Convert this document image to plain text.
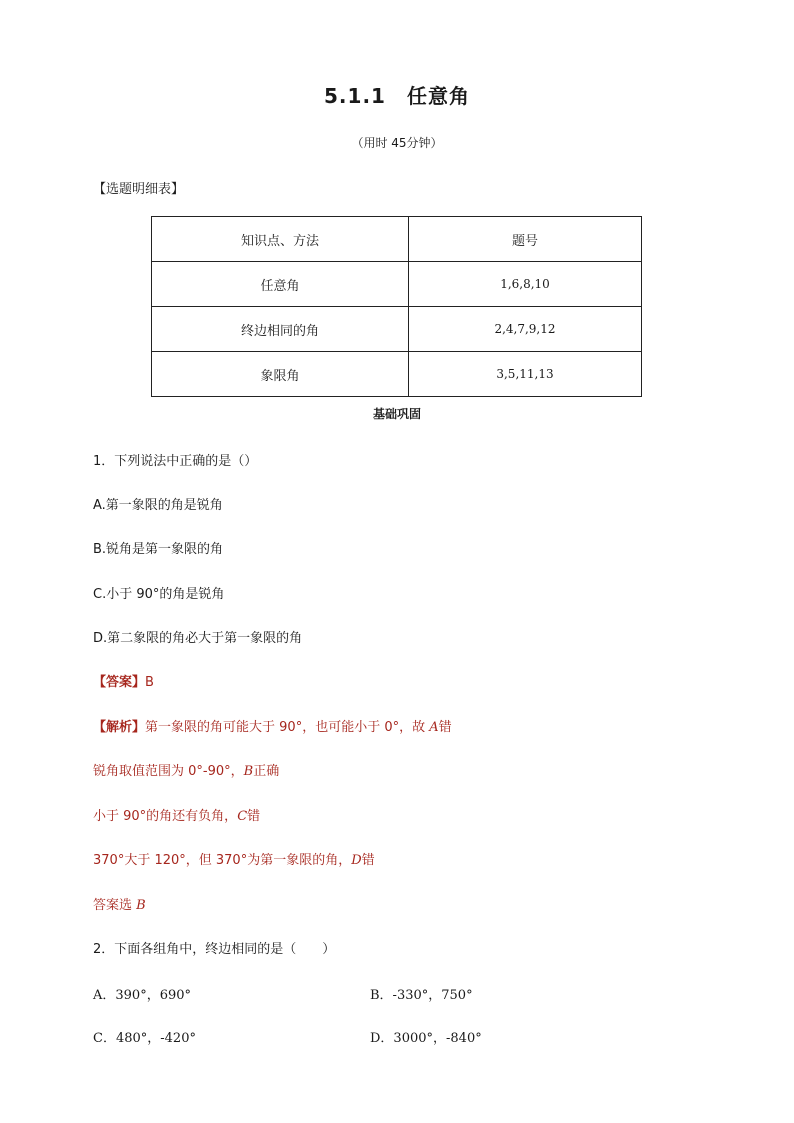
5.1.1　任意角
（用时 45分钟）
【选题明细表】
知识点、方法	题号
任意角	1,6,8,10
终边相同的角	2,4,7,9,12
象限角	3,5,11,13
基础巩固
1．下列说法中正确的是（）
A.第一象限的角是锐角
B.锐角是第一象限的角
C.小于 90°的角是锐角
D.第二象限的角必大于第一象限的角
【答案】B
【解析】第一象限的角可能大于 90°，也可能小于 0°，故 A错
锐角取值范围为 0°-90°，B正确
小于 90°的角还有负角，C错
370°大于 120°，但 370°为第一象限的角，D错
答案选 B
2．下面各组角中，终边相同的是（　　）
A．390°，690°	B．-330°，750°
C．480°，-420°	D．3000°，-840°
